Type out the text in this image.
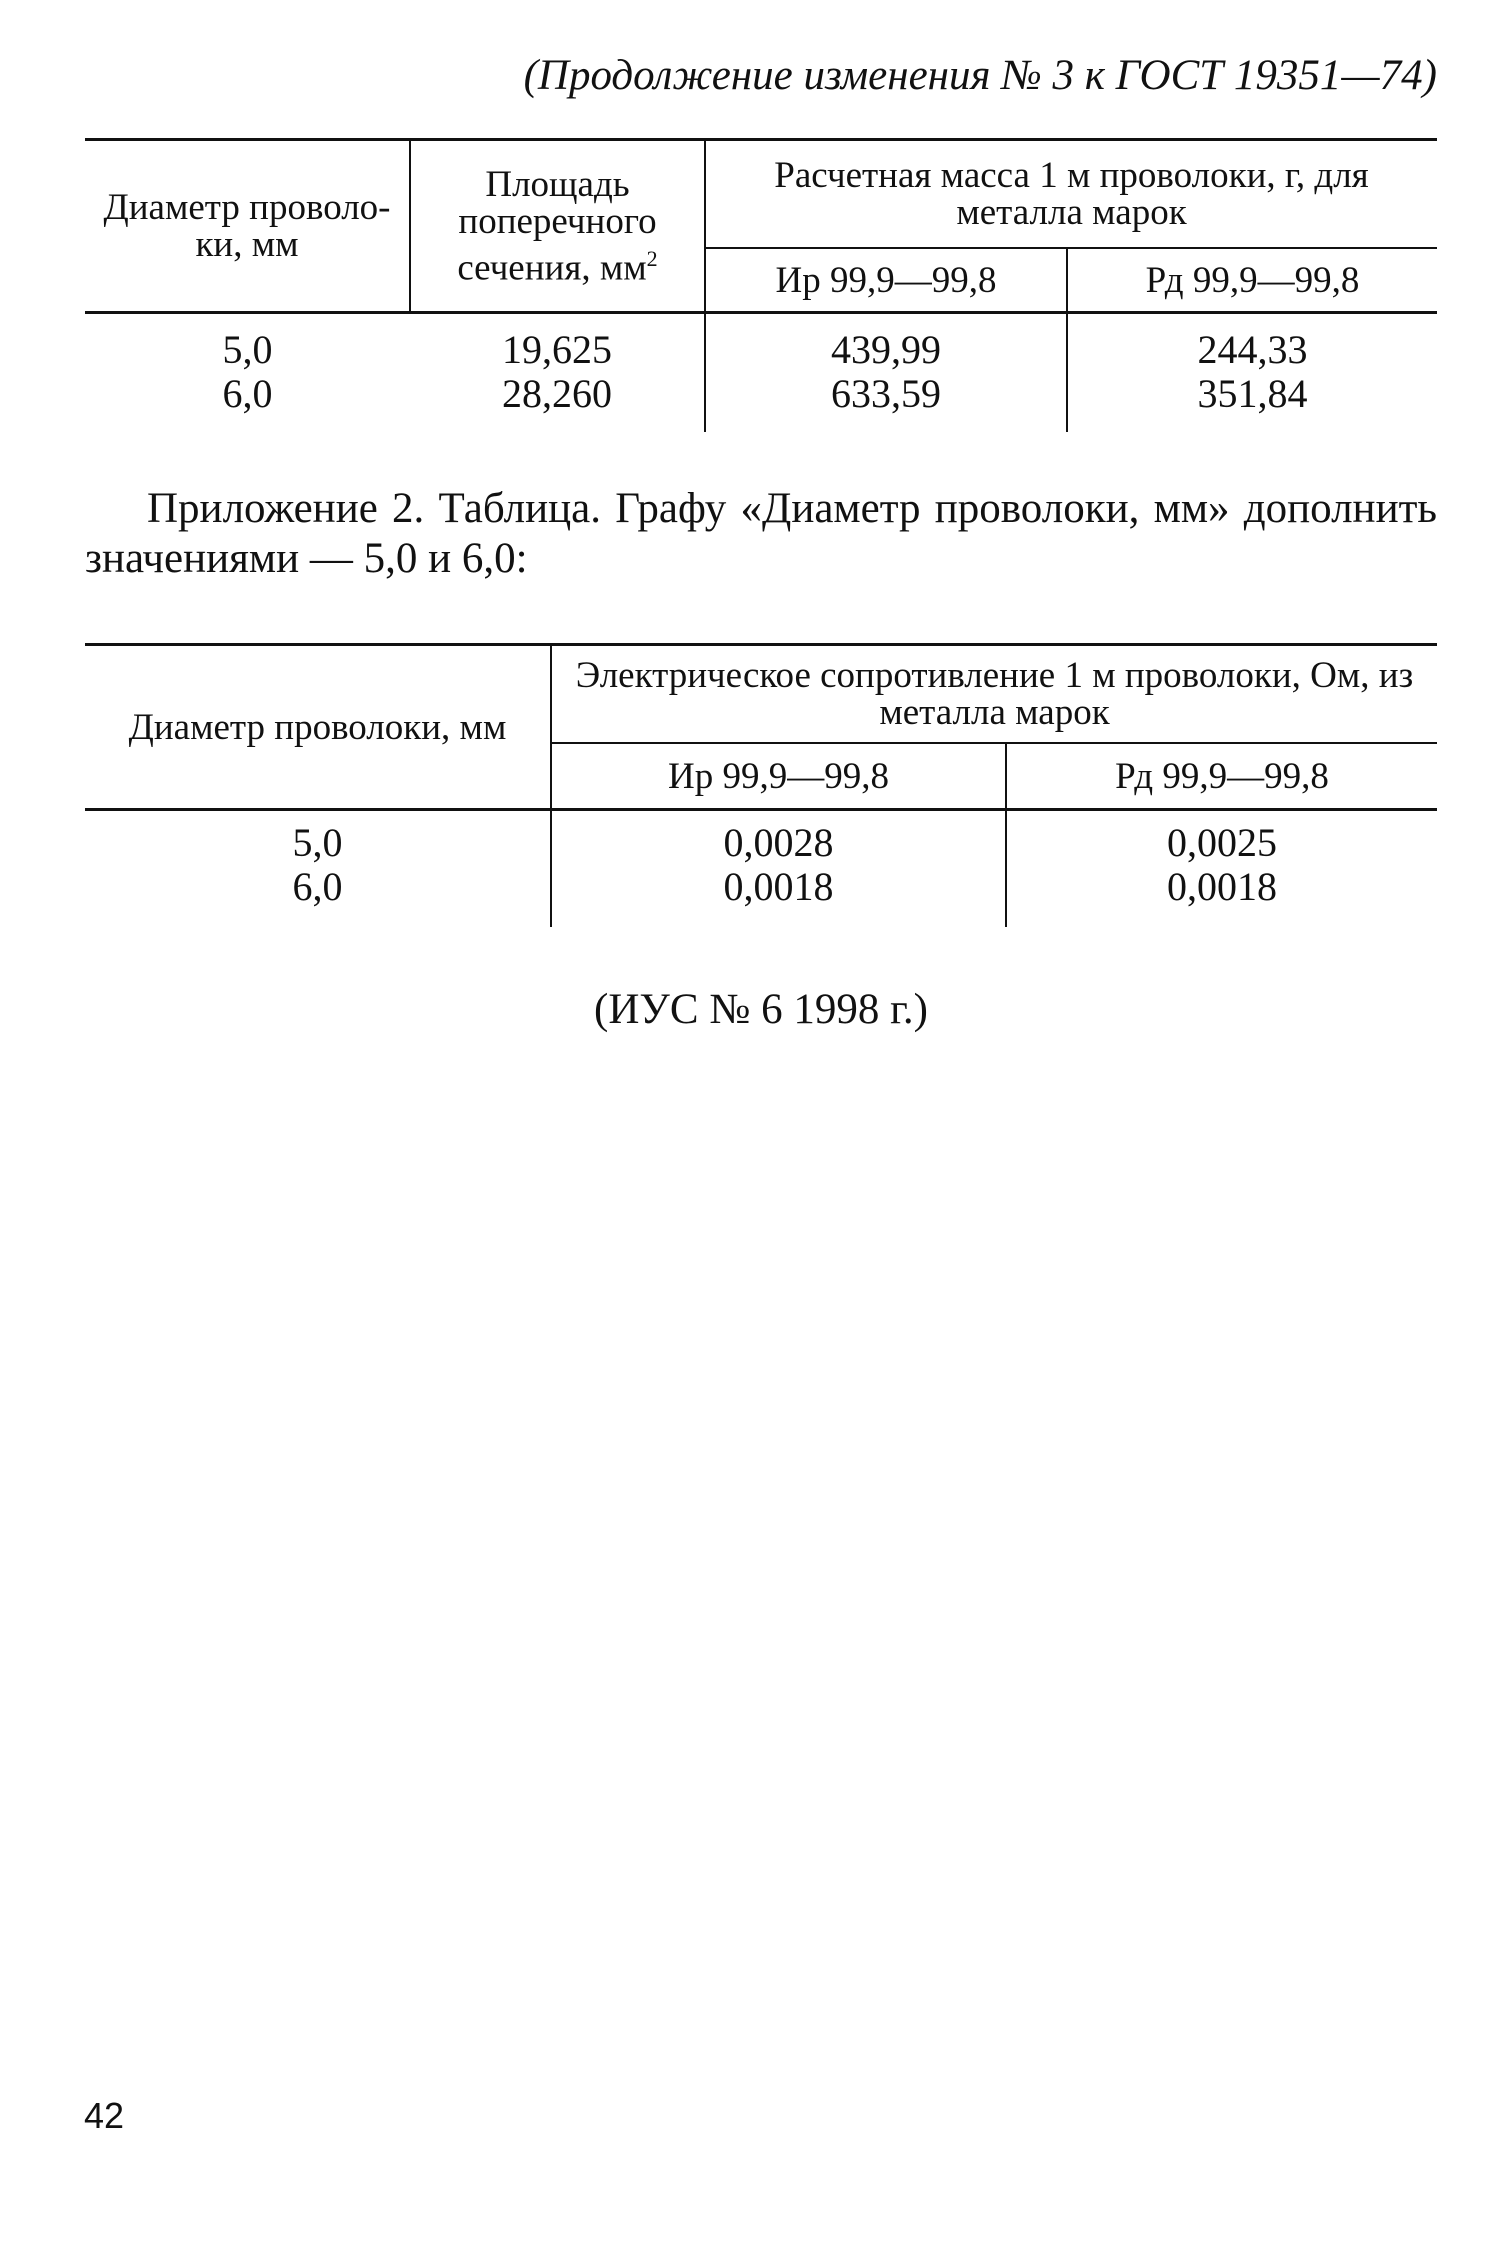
(Продолжение изменения № 3 к ГОСТ 19351—74)
Диаметр проволо-ки, мм	Площадь поперечного сечения, $мм^2$	Расчетная масса 1 м проволоки, г, для металла марок	
		Ир 99,9—99,8	Рд 99,9—99,8
5,0	19,625	439,99	244,33
6,0	28,260	633,59	351,84
Приложение 2. Таблица. Графу «Диаметр проволоки, мм» дополнить значениями — 5,0 и 6,0:
Диаметр проволоки, мм	Электрическое сопротивление 1 м проволоки, Ом, из металла марок	
	Ир 99,9—99,8	Рд 99,9—99,8
5,0	0,0028	0,0025
6,0	0,0018	0,0018
(ИУС № 6 1998 г.)
42
